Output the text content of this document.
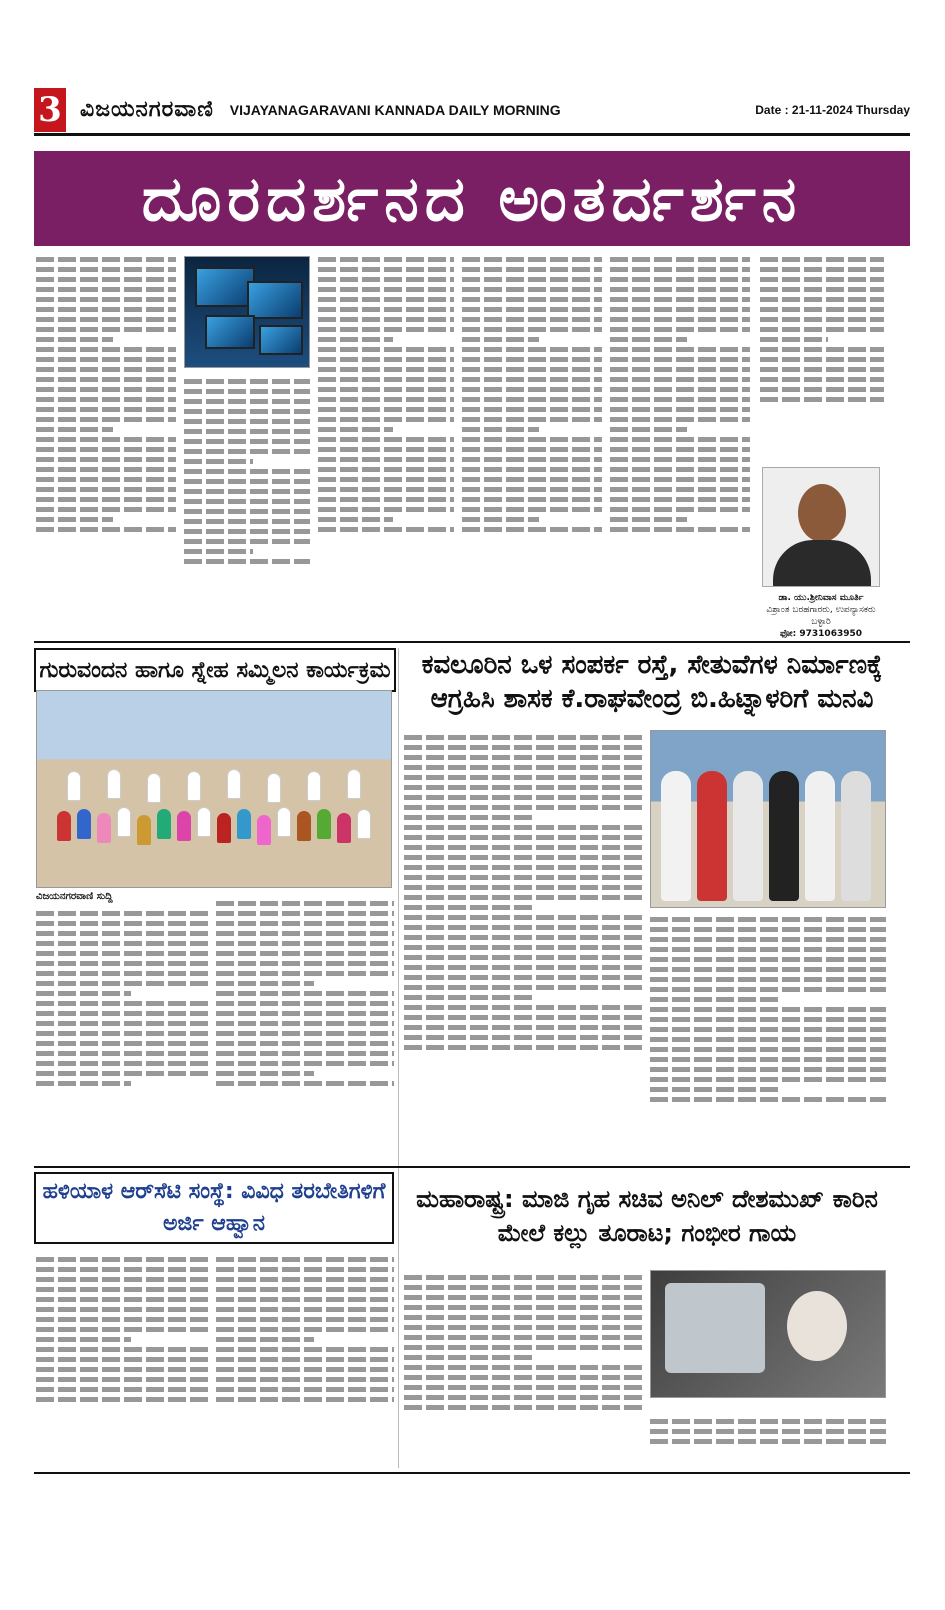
3 ವಿಜಯನಗರವಾಣಿ VIJAYANAGARAVANI KANNADA DAILY MORNING	Date : 21-11-2024 Thursday
ದೂರದರ್ಶನದ ಅಂತರ್ದರ್ಶನ
ಡಾ. ಯು.ಶ್ರೀನಿವಾಸ ಮೂರ್ತಿ
ವಿಶ್ರಾಂತ ಬರಹಗಾರರು, ಉಪನ್ಯಾಸಕರು ಬಳ್ಳಾರಿ
ಫೋ: 9731063950
ಗುರುವಂದನ ಹಾಗೂ ಸ್ನೇಹ ಸಮ್ಮಿಲನ ಕಾರ್ಯಕ್ರಮ
ವಿಜಯನಗರವಾಣಿ ಸುದ್ದಿ
ಕವಲೂರಿನ ಒಳ ಸಂಪರ್ಕ ರಸ್ತೆ, ಸೇತುವೆಗಳ ನಿರ್ಮಾಣಕ್ಕೆ ಆಗ್ರಹಿಸಿ ಶಾಸಕ ಕೆ.ರಾಘವೇಂದ್ರ ಬಿ.ಹಿಟ್ನಾಳರಿಗೆ ಮನವಿ
ಹಳಿಯಾಳ ಆರ್‌ಸೆಟಿ ಸಂಸ್ಥೆ: ವಿವಿಧ ತರಬೇತಿಗಳಿಗೆ ಅರ್ಜಿ ಆಹ್ವಾನ
ಮಹಾರಾಷ್ಟ್ರ: ಮಾಜಿ ಗೃಹ ಸಚಿವ ಅನಿಲ್ ದೇಶಮುಖ್ ಕಾರಿನ ಮೇಲೆ ಕಲ್ಲು ತೂರಾಟ; ಗಂಭೀರ ಗಾಯ
